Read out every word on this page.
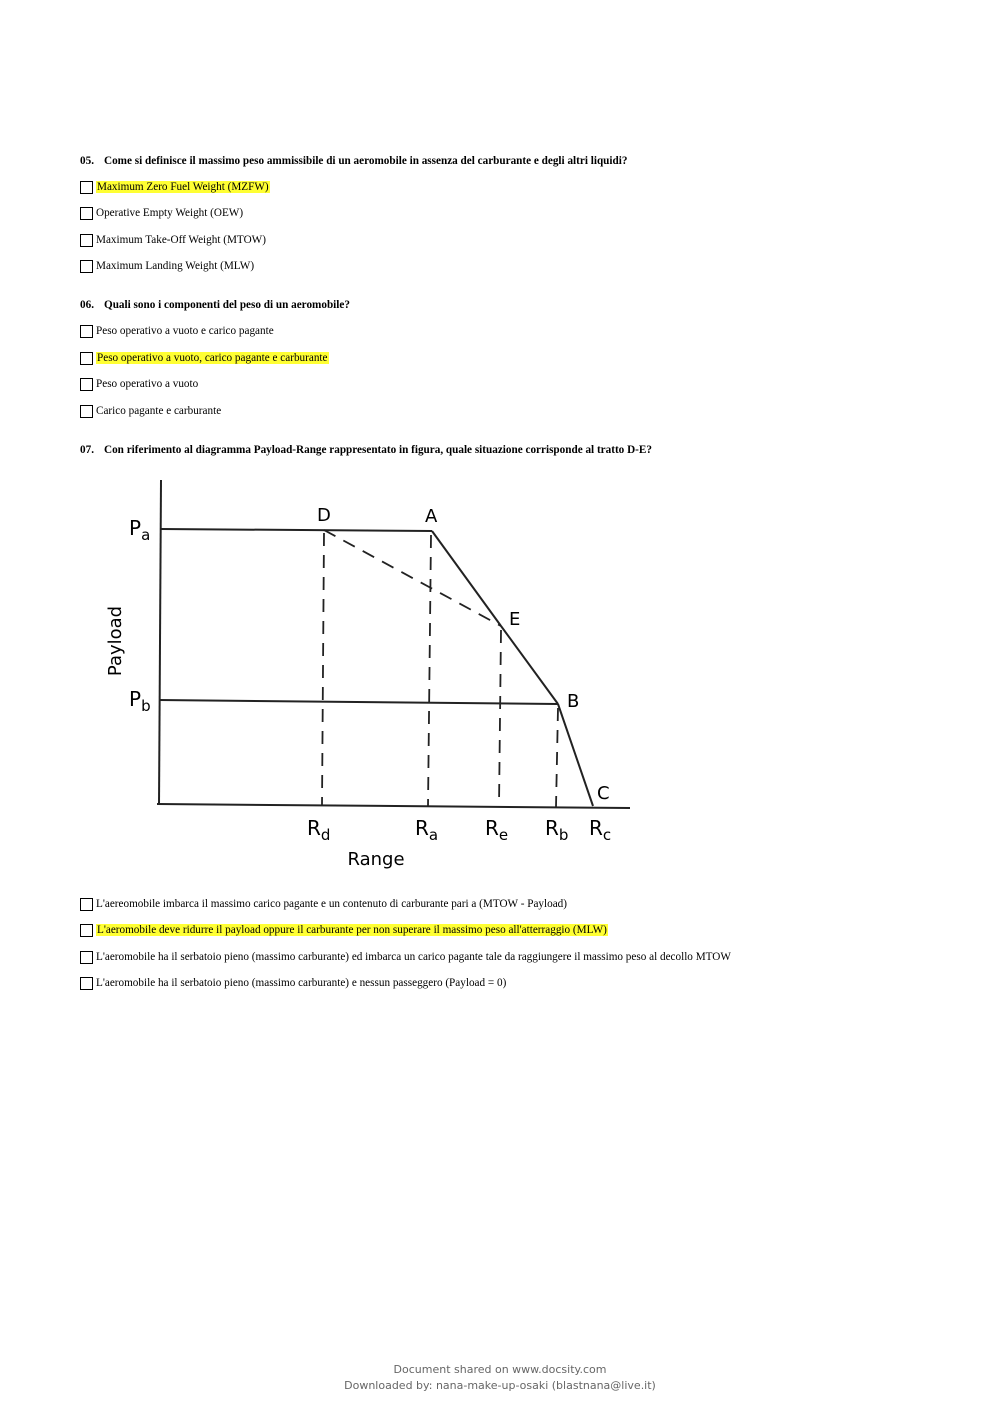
05. Come si definisce il massimo peso ammissibile di un aeromobile in assenza del carburante e degli altri liquidi?
Maximum Zero Fuel Weight (MZFW)
Operative Empty Weight (OEW)
Maximum Take-Off Weight (MTOW)
Maximum Landing Weight (MLW)
06. Quali sono i componenti del peso di un aeromobile?
Peso operativo a vuoto e carico pagante
Peso operativo a vuoto, carico pagante e carburante
Peso operativo a vuoto
Carico pagante e carburante
07. Con riferimento al diagramma Payload-Range rappresentato in figura, quale situazione corrisponde al tratto D-E?
Payload
Range
$P_a$
$P_b$
$R_d$	$R_a$ $R_e$ $R_b$ $R_c$
D	A
E
B
C
L'aereomobile imbarca il massimo carico pagante e un contenuto di carburante pari a (MTOW - Payload)
L'aeromobile deve ridurre il payload oppure il carburante per non superare il massimo peso all'atterraggio (MLW)
L'aeromobile ha il serbatoio pieno (massimo carburante) ed imbarca un carico pagante tale da raggiungere il massimo peso al decollo MTOW
L'aeromobile ha il serbatoio pieno (massimo carburante) e nessun passeggero (Payload = 0)
Document shared on www.docsity.com
Downloaded by: nana-make-up-osaki (blastnana@live.it)
